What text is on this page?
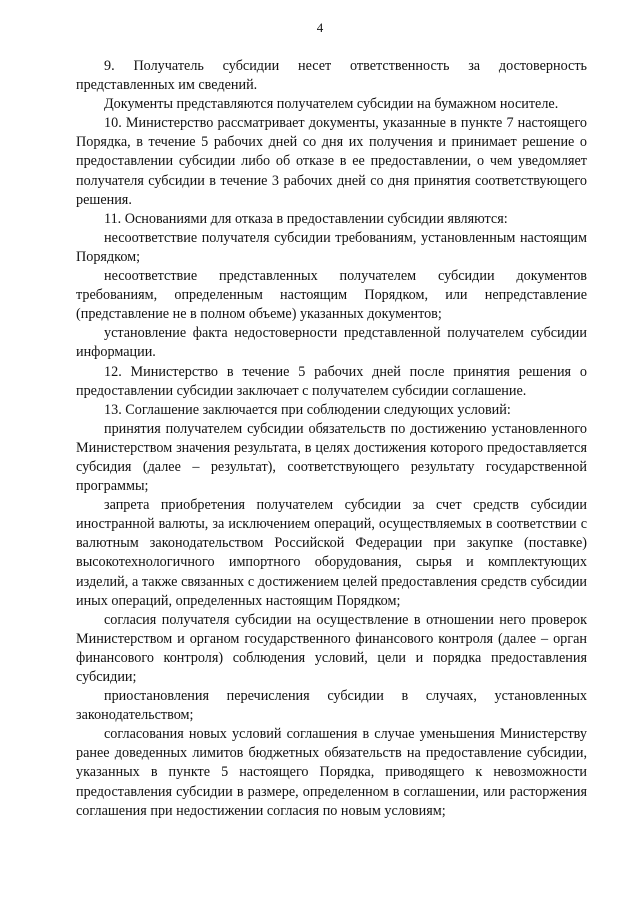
4

9. Получатель субсидии несет ответственность за достоверность представленных им сведений.

Документы представляются получателем субсидии на бумажном носителе.

10. Министерство рассматривает документы, указанные в пункте 7 настоящего Порядка, в течение 5 рабочих дней со дня их получения и принимает решение о предоставлении субсидии либо об отказе в ее предоставлении, о чем уведомляет получателя субсидии в течение 3 рабочих дней со дня принятия соответствующего решения.

11. Основаниями для отказа в предоставлении субсидии являются:

несоответствие получателя субсидии требованиям, установленным настоящим Порядком;

несоответствие представленных получателем субсидии документов требованиям, определенным настоящим Порядком, или непредставление (представление не в полном объеме) указанных документов;

установление факта недостоверности представленной получателем субсидии информации.

12. Министерство в течение 5 рабочих дней после принятия решения о предоставлении субсидии заключает с получателем субсидии соглашение.

13. Соглашение заключается при соблюдении следующих условий:

принятия получателем субсидии обязательств по достижению установленного Министерством значения результата, в целях достижения которого предоставляется субсидия (далее – результат), соответствующего результату государственной программы;

запрета приобретения получателем субсидии за счет средств субсидии иностранной валюты, за исключением операций, осуществляемых в соответствии с валютным законодательством Российской Федерации при закупке (поставке) высокотехнологичного импортного оборудования, сырья и комплектующих изделий, а также связанных с достижением целей предоставления средств субсидии иных операций, определенных настоящим Порядком;

согласия получателя субсидии на осуществление в отношении него проверок Министерством и органом государственного финансового контроля (далее – орган финансового контроля) соблюдения условий, цели и порядка предоставления субсидии;

приостановления перечисления субсидии в случаях, установленных законодательством;

согласования новых условий соглашения в случае уменьшения Министерству ранее доведенных лимитов бюджетных обязательств на предоставление субсидии, указанных в пункте 5 настоящего Порядка, приводящего к невозможности предоставления субсидии в размере, определенном в соглашении, или расторжения соглашения при недостижении согласия по новым условиям;
